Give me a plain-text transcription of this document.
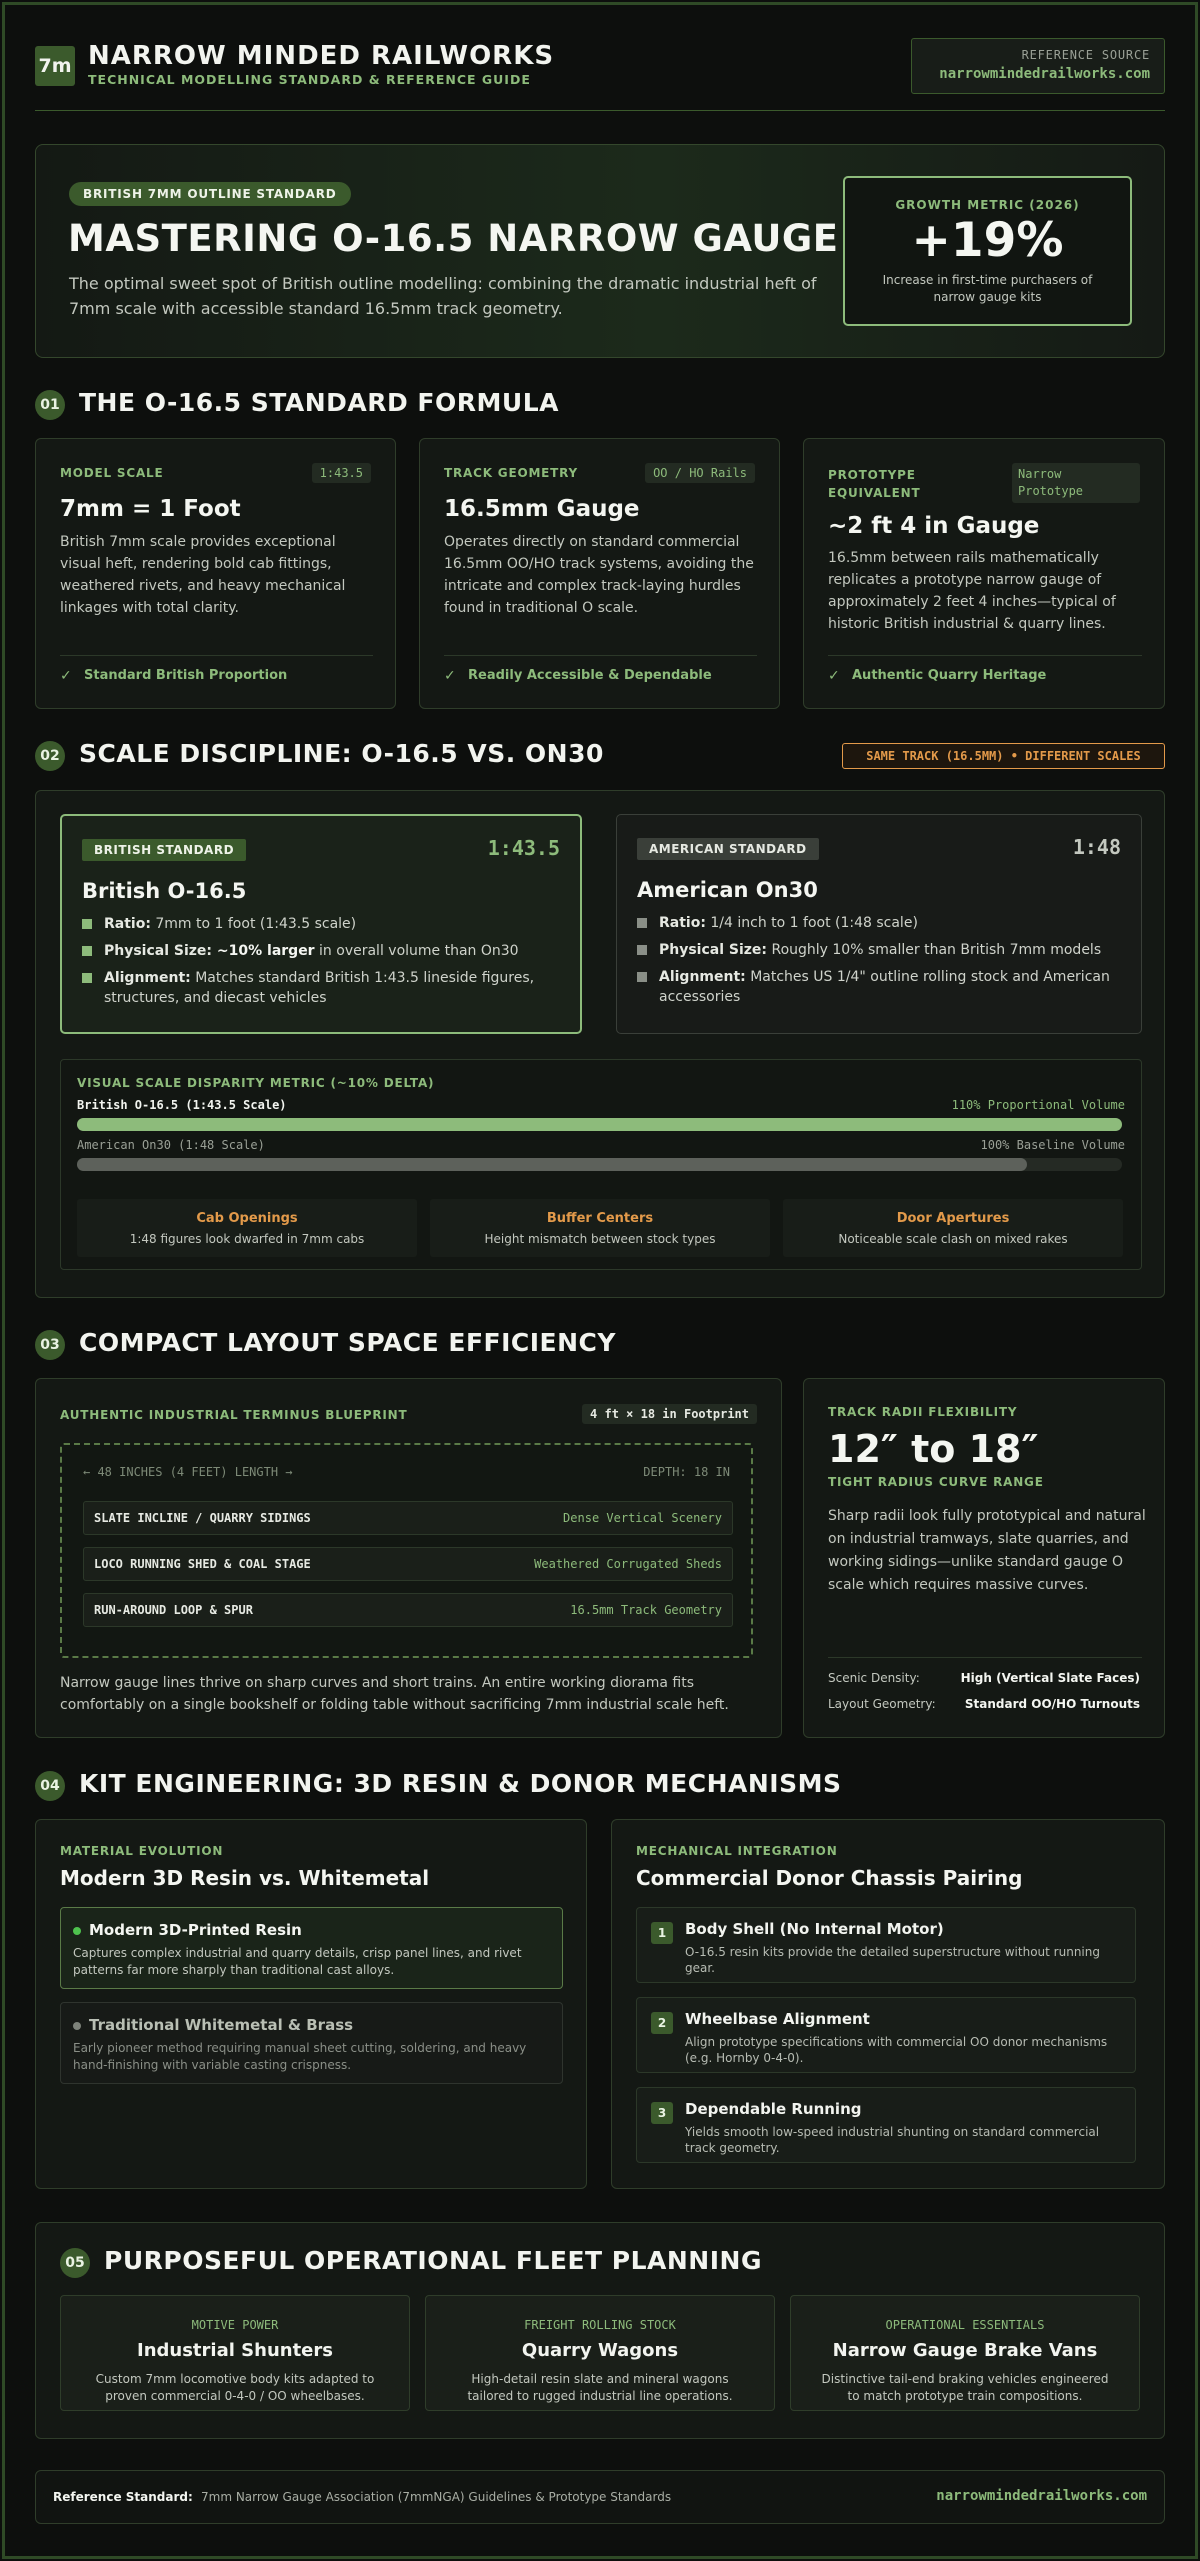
7m NARROW MINDED RAILWORKS
TECHNICAL MODELLING STANDARD & REFERENCE GUIDE
REFERENCE SOURCE
narrowmindedrailworks.com
BRITISH 7MM OUTLINE STANDARD
MASTERING O-16.5 NARROW GAUGE
The optimal sweet spot of British outline modelling: combining the dramatic industrial heft of 7mm scale with accessible standard 16.5mm track geometry.
GROWTH METRIC (2026)
+19%
Increase in first-time purchasers of narrow gauge kits
01 THE O-16.5 STANDARD FORMULA
MODEL SCALE	1:43.5
7mm = 1 Foot
British 7mm scale provides exceptional visual heft, rendering bold cab fittings, weathered rivets, and heavy mechanical linkages with total clarity.
✓ Standard British Proportion
TRACK GEOMETRY	OO / HO Rails
16.5mm Gauge
Operates directly on standard commercial 16.5mm OO/HO track systems, avoiding the intricate and complex track-laying hurdles found in traditional O scale.
✓ Readily Accessible & Dependable
PROTOTYPE
EQUIVALENT
Narrow
Prototype
~2 ft 4 in Gauge
16.5mm between rails mathematically replicates a prototype narrow gauge of approximately 2 feet 4 inches—typical of historic British industrial & quarry lines.
✓ Authentic Quarry Heritage
02 SCALE DISCIPLINE: O-16.5 VS. ON30	SAME TRACK (16.5MM) • DIFFERENT SCALES
BRITISH STANDARD	1:43.5
British O-16.5
Ratio: 7mm to 1 foot (1:43.5 scale)
Physical Size: ~10% larger in overall volume than On30
Alignment: Matches standard British 1:43.5 lineside figures, structures, and diecast vehicles
AMERICAN STANDARD	1:48
American On30
Ratio: 1/4 inch to 1 foot (1:48 scale)
Physical Size: Roughly 10% smaller than British 7mm models
Alignment: Matches US 1/4" outline rolling stock and American accessories
VISUAL SCALE DISPARITY METRIC (~10% DELTA)
British O-16.5 (1:43.5 Scale)	110% Proportional Volume
American On30 (1:48 Scale)	100% Baseline Volume
Cab Openings
1:48 figures look dwarfed in 7mm cabs
Buffer Centers
Height mismatch between stock types
Door Apertures
Noticeable scale clash on mixed rakes
03 COMPACT LAYOUT SPACE EFFICIENCY
AUTHENTIC INDUSTRIAL TERMINUS BLUEPRINT	4 ft × 18 in Footprint
← 48 INCHES (4 FEET) LENGTH →	DEPTH: 18 IN
SLATE INCLINE / QUARRY SIDINGS	Dense Vertical Scenery
LOCO RUNNING SHED & COAL STAGE	Weathered Corrugated Sheds
RUN-AROUND LOOP & SPUR	16.5mm Track Geometry
Narrow gauge lines thrive on sharp curves and short trains. An entire working diorama fits comfortably on a single bookshelf or folding table without sacrificing 7mm industrial scale heft.
TRACK RADII FLEXIBILITY
12″ to 18″
TIGHT RADIUS CURVE RANGE
Sharp radii look fully prototypical and natural on industrial tramways, slate quarries, and working sidings—unlike standard gauge O scale which requires massive curves.
Scenic Density:	High (Vertical Slate Faces)
Layout Geometry: Standard OO/HO Turnouts
04 KIT ENGINEERING: 3D RESIN & DONOR MECHANISMS
MATERIAL EVOLUTION
Modern 3D Resin vs. Whitemetal
Modern 3D-Printed Resin
Captures complex industrial and quarry details, crisp panel lines, and rivet patterns far more sharply than traditional cast alloys.
Traditional Whitemetal & Brass
Early pioneer method requiring manual sheet cutting, soldering, and heavy hand-finishing with variable casting crispness.
MECHANICAL INTEGRATION
Commercial Donor Chassis Pairing
1	Body Shell (No Internal Motor)
O-16.5 resin kits provide the detailed superstructure without running gear.
2	Wheelbase Alignment
Align prototype specifications with commercial OO donor mechanisms (e.g. Hornby 0-4-0).
3	Dependable Running
Yields smooth low-speed industrial shunting on standard commercial track geometry.
05 PURPOSEFUL OPERATIONAL FLEET PLANNING
MOTIVE POWER
Industrial Shunters
Custom 7mm locomotive body kits adapted to proven commercial 0-4-0 / OO wheelbases.
FREIGHT ROLLING STOCK
Quarry Wagons
High-detail resin slate and mineral wagons tailored to rugged industrial line operations.
OPERATIONAL ESSENTIALS
Narrow Gauge Brake Vans
Distinctive tail-end braking vehicles engineered to match prototype train compositions.
Reference Standard: 7mm Narrow Gauge Association (7mmNGA) Guidelines & Prototype Standards	narrowmindedrailworks.com
